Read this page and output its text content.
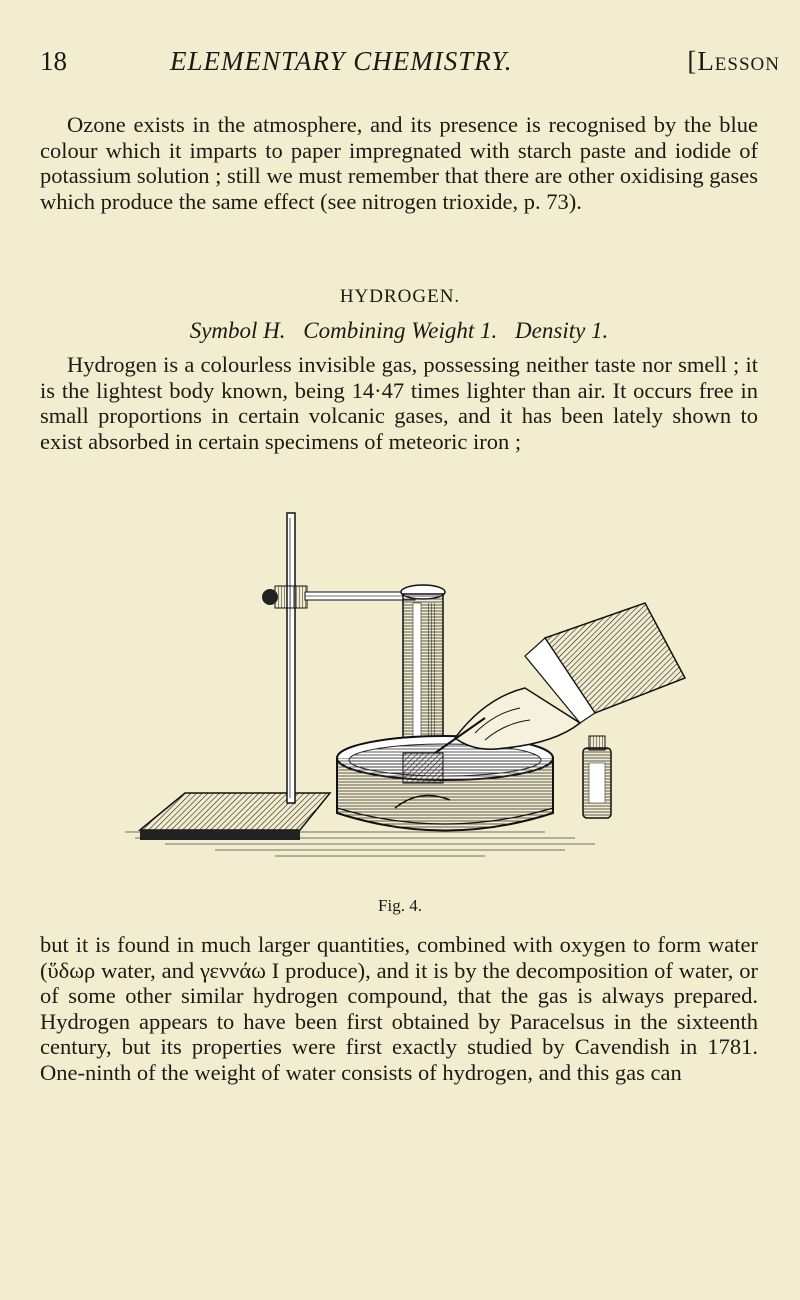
18	ELEMENTARY CHEMISTRY.	[Lesson

Ozone exists in the atmosphere, and its presence is recognised by the blue colour which it imparts to paper impregnated with starch paste and iodide of potassium solution ; still we must remember that there are other oxidising gases which produce the same effect (see nitrogen trioxide, p. 73).

HYDROGEN.
Symbol H. Combining Weight 1. Density 1.

Hydrogen is a colourless invisible gas, possessing neither taste nor smell ; it is the lightest body known, being 14·47 times lighter than air. It occurs free in small proportions in certain volcanic gases, and it has been lately shown to exist absorbed in certain specimens of meteoric iron ;

Fig. 4.

but it is found in much larger quantities, combined with oxygen to form water (ὕδωρ water, and γεννάω I produce), and it is by the decomposition of water, or of some other similar hydrogen compound, that the gas is always prepared. Hydrogen appears to have been first obtained by Paracelsus in the sixteenth century, but its properties were first exactly studied by Cavendish in 1781. One-ninth of the weight of water consists of hydrogen, and this gas can
